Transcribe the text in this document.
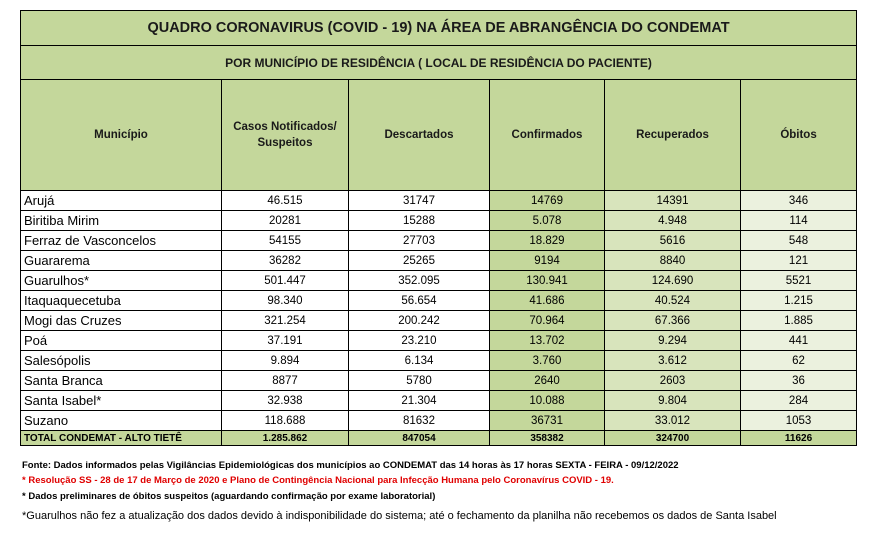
QUADRO CORONAVIRUS (COVID - 19) NA ÁREA DE ABRANGÊNCIA DO CONDEMAT					
POR MUNICÍPIO DE RESIDÊNCIA ( LOCAL DE RESIDÊNCIA DO PACIENTE)					
Município	Casos Notificados/ Suspeitos	Descartados	Confirmados	Recuperados	Óbitos
Arujá	46.515	31747	14769	14391	346
Biritiba Mirim	20281	15288	5.078	4.948	114
Ferraz de Vasconcelos	54155	27703	18.829	5616	548
Guararema	36282	25265	9194	8840	121
Guarulhos*	501.447	352.095	130.941	124.690	5521
Itaquaquecetuba	98.340	56.654	41.686	40.524	1.215
Mogi das Cruzes	321.254	200.242	70.964	67.366	1.885
Poá	37.191	23.210	13.702	9.294	441
Salesópolis	9.894	6.134	3.760	3.612	62
Santa Branca	8877	5780	2640	2603	36
Santa Isabel*	32.938	21.304	10.088	9.804	284
Suzano	118.688	81632	36731	33.012	1053
TOTAL CONDEMAT - ALTO TIETÊ	1.285.862	847054	358382	324700	11626

Fonte: Dados informados pelas Vigilâncias Epidemiológicas dos municípios ao CONDEMAT das 14 horas às 17 horas SEXTA - FEIRA - 09/12/2022

* Resolução SS - 28 de 17 de Março de 2020 e Plano de Contingência Nacional para Infecção Humana pelo Coronavírus COVID - 19.

* Dados preliminares de óbitos suspeitos (aguardando confirmação por exame laboratorial)

*Guarulhos não fez a atualização dos dados devido à indisponibilidade do sistema; até o fechamento da planilha não recebemos os dados de Santa Isabel
